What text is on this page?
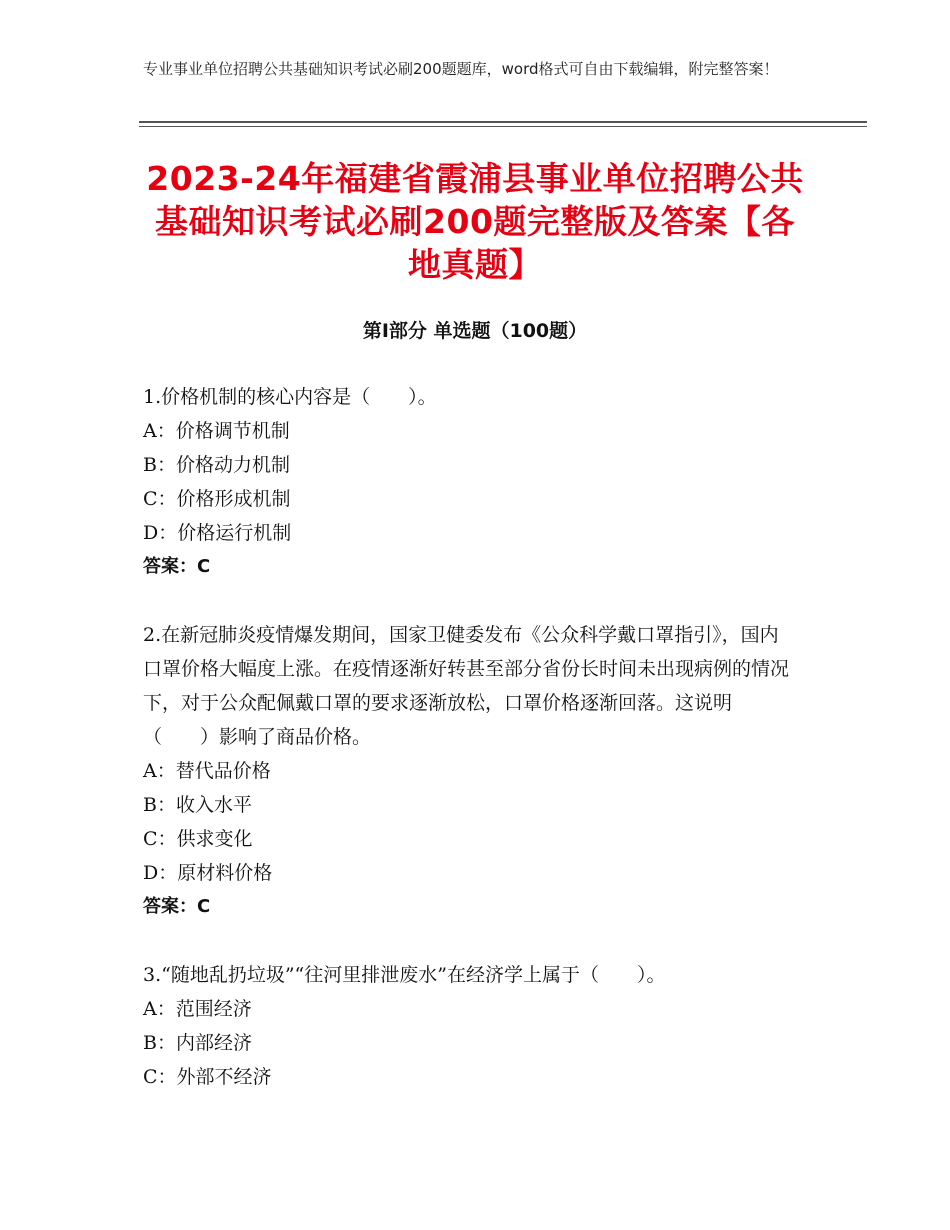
专业事业单位招聘公共基础知识考试必刷200题题库，word格式可自由下载编辑，附完整答案！
2023-24年福建省霞浦县事业单位招聘公共基础知识考试必刷200题完整版及答案【各地真题】
第Ⅰ部分 单选题（100题）
1.价格机制的核心内容是（　　）。
A：价格调节机制
B：价格动力机制
C：价格形成机制
D：价格运行机制
答案：C
2.在新冠肺炎疫情爆发期间，国家卫健委发布《公众科学戴口罩指引》，国内口罩价格大幅度上涨。在疫情逐渐好转甚至部分省份长时间未出现病例的情况下，对于公众配佩戴口罩的要求逐渐放松，口罩价格逐渐回落。这说明（　　）影响了商品价格。
A：替代品价格
B：收入水平
C：供求变化
D：原材料价格
答案：C
3.“随地乱扔垃圾”“往河里排泄废水”在经济学上属于（　　）。
A：范围经济
B：内部经济
C：外部不经济
